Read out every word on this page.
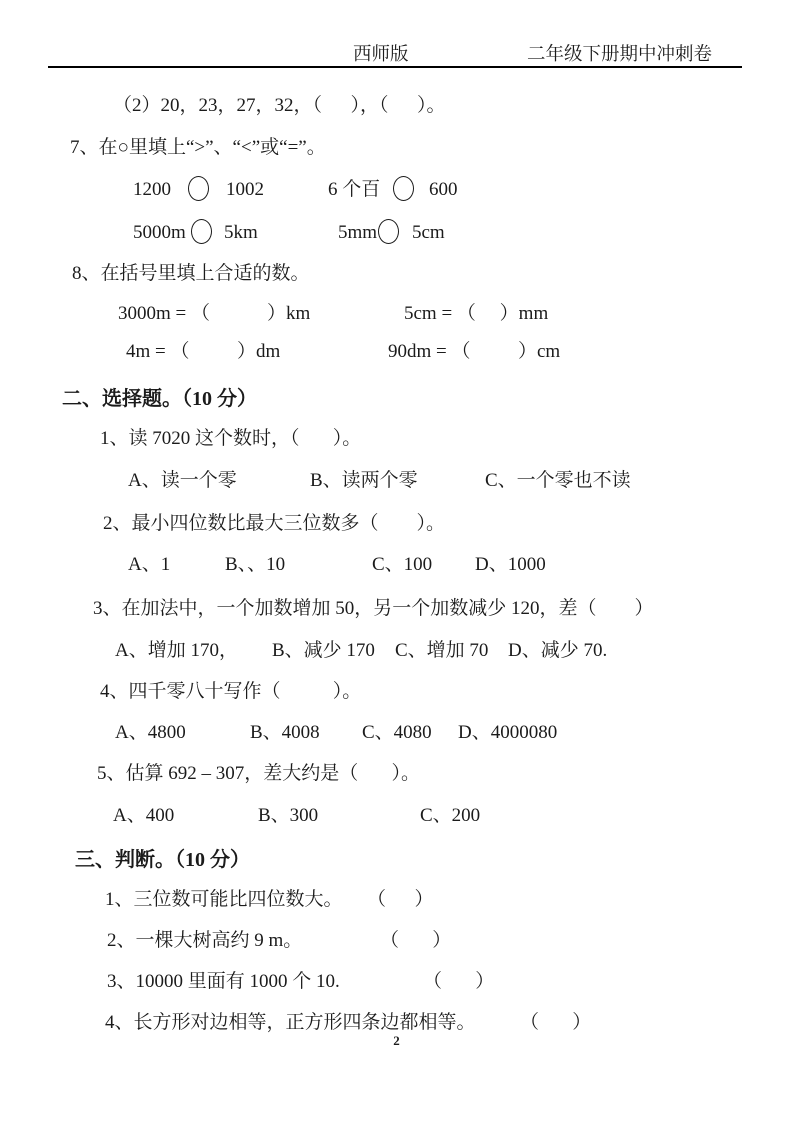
西师版	二年级下册期中冲刺卷
（2）20，23，27，32，（      ），（      ）。
7、在○里填上“>”、“<”或“=”。
1200	1002	6 个百	600
5000m 5km	5mm 5cm
8、在括号里填上合适的数。
3000m = （            ）km	5cm = （     ）mm
4m = （          ）dm	90dm = （          ）cm
二、选择题。（10 分）
1、读 7020 这个数时，（       ）。
A、读一个零	B、读两个零	C、一个零也不读
2、最小四位数比最大三位数多（        ）。
A、1	B、、10	C、100 D、1000
3、在加法中，一个加数增加 50，另一个加数减少 120，差（        ）
A、增加 170， B、减少 170 C、增加 70 D、减少 70.
4、四千零八十写作（           ）。
A、4800	B、4008 C、4080 D、4000080
5、估算 692 – 307，差大约是（       ）。
A、400	B、300	C、200
三、判断。（10 分）
1、三位数可能比四位数大。 （      ）
2、一棵大树高约 9 m。	（       ）
3、10000 里面有 1000 个 10.	（       ）
4、长方形对边相等，正方形四条边都相等。 （       ）
2
